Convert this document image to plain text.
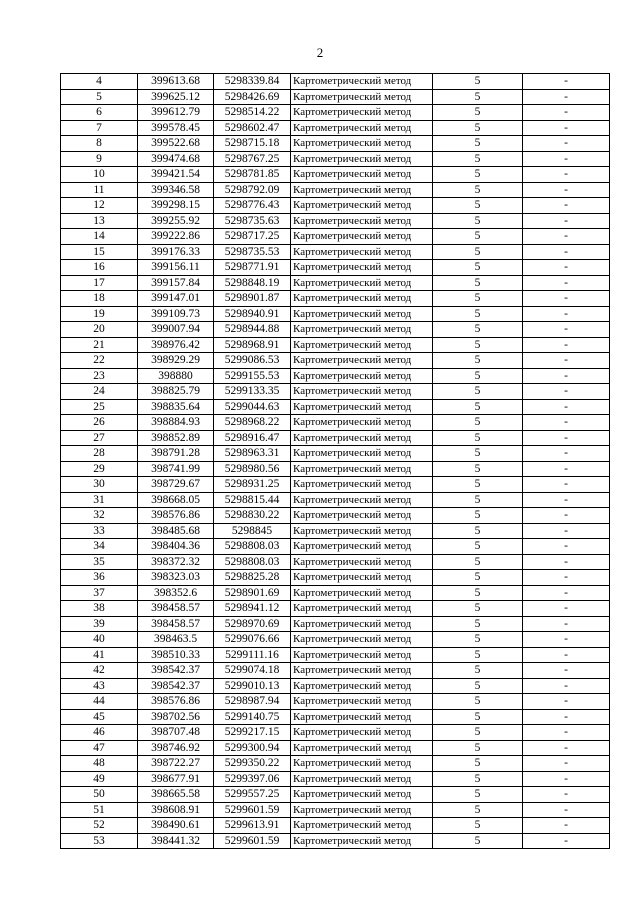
2
4	399613.68	5298339.84	Картометрический метод	5	-
5	399625.12	5298426.69	Картометрический метод	5	-
6	399612.79	5298514.22	Картометрический метод	5	-
7	399578.45	5298602.47	Картометрический метод	5	-
8	399522.68	5298715.18	Картометрический метод	5	-
9	399474.68	5298767.25	Картометрический метод	5	-
10	399421.54	5298781.85	Картометрический метод	5	-
11	399346.58	5298792.09	Картометрический метод	5	-
12	399298.15	5298776.43	Картометрический метод	5	-
13	399255.92	5298735.63	Картометрический метод	5	-
14	399222.86	5298717.25	Картометрический метод	5	-
15	399176.33	5298735.53	Картометрический метод	5	-
16	399156.11	5298771.91	Картометрический метод	5	-
17	399157.84	5298848.19	Картометрический метод	5	-
18	399147.01	5298901.87	Картометрический метод	5	-
19	399109.73	5298940.91	Картометрический метод	5	-
20	399007.94	5298944.88	Картометрический метод	5	-
21	398976.42	5298968.91	Картометрический метод	5	-
22	398929.29	5299086.53	Картометрический метод	5	-
23	398880	5299155.53	Картометрический метод	5	-
24	398825.79	5299133.35	Картометрический метод	5	-
25	398835.64	5299044.63	Картометрический метод	5	-
26	398884.93	5298968.22	Картометрический метод	5	-
27	398852.89	5298916.47	Картометрический метод	5	-
28	398791.28	5298963.31	Картометрический метод	5	-
29	398741.99	5298980.56	Картометрический метод	5	-
30	398729.67	5298931.25	Картометрический метод	5	-
31	398668.05	5298815.44	Картометрический метод	5	-
32	398576.86	5298830.22	Картометрический метод	5	-
33	398485.68	5298845	Картометрический метод	5	-
34	398404.36	5298808.03	Картометрический метод	5	-
35	398372.32	5298808.03	Картометрический метод	5	-
36	398323.03	5298825.28	Картометрический метод	5	-
37	398352.6	5298901.69	Картометрический метод	5	-
38	398458.57	5298941.12	Картометрический метод	5	-
39	398458.57	5298970.69	Картометрический метод	5	-
40	398463.5	5299076.66	Картометрический метод	5	-
41	398510.33	5299111.16	Картометрический метод	5	-
42	398542.37	5299074.18	Картометрический метод	5	-
43	398542.37	5299010.13	Картометрический метод	5	-
44	398576.86	5298987.94	Картометрический метод	5	-
45	398702.56	5299140.75	Картометрический метод	5	-
46	398707.48	5299217.15	Картометрический метод	5	-
47	398746.92	5299300.94	Картометрический метод	5	-
48	398722.27	5299350.22	Картометрический метод	5	-
49	398677.91	5299397.06	Картометрический метод	5	-
50	398665.58	5299557.25	Картометрический метод	5	-
51	398608.91	5299601.59	Картометрический метод	5	-
52	398490.61	5299613.91	Картометрический метод	5	-
53	398441.32	5299601.59	Картометрический метод	5	-
